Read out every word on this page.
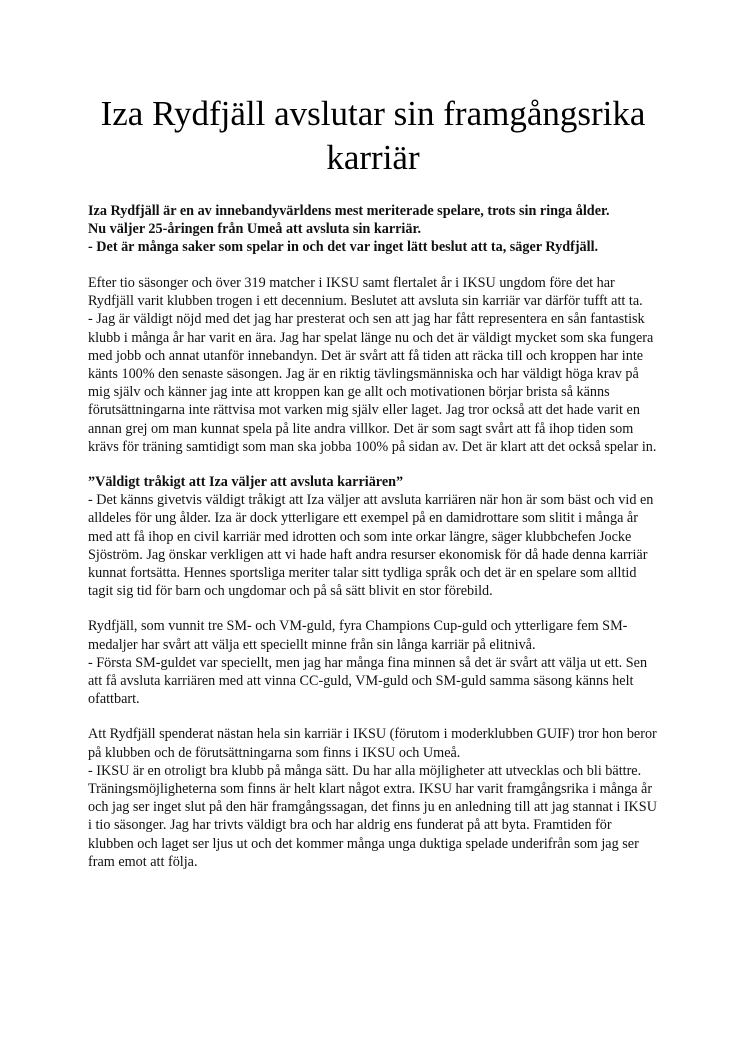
Iza Rydfjäll avslutar sin framgångsrika karriär

Iza Rydfjäll är en av innebandyvärldens mest meriterade spelare, trots sin ringa ålder.

Nu väljer 25-åringen från Umeå att avsluta sin karriär.

- Det är många saker som spelar in och det var inget lätt beslut att ta, säger Rydfjäll.

Efter tio säsonger och över 319 matcher i IKSU samt flertalet år i IKSU ungdom före det har Rydfjäll varit klubben trogen i ett decennium. Beslutet att avsluta sin karriär var därför tufft att ta.

- Jag är väldigt nöjd med det jag har presterat och sen att jag har fått representera en sån fantastisk klubb i många år har varit en ära. Jag har spelat länge nu och det är väldigt mycket som ska fungera med jobb och annat utanför innebandyn. Det är svårt att få tiden att räcka till och kroppen har inte känts 100% den senaste säsongen. Jag är en riktig tävlingsmänniska och har väldigt höga krav på mig själv och känner jag inte att kroppen kan ge allt och motivationen börjar brista så känns förutsättningarna inte rättvisa mot varken mig själv eller laget. Jag tror också att det hade varit en annan grej om man kunnat spela på lite andra villkor. Det är som sagt svårt att få ihop tiden som krävs för träning samtidigt som man ska jobba 100% på sidan av. Det är klart att det också spelar in.

”Väldigt tråkigt att Iza väljer att avsluta karriären”

- Det känns givetvis väldigt tråkigt att Iza väljer att avsluta karriären när hon är som bäst och vid en alldeles för ung ålder. Iza är dock ytterligare ett exempel på en damidrottare som slitit i många år med att få ihop en civil karriär med idrotten och som inte orkar längre, säger klubbchefen Jocke Sjöström. Jag önskar verkligen att vi hade haft andra resurser ekonomisk för då hade denna karriär kunnat fortsätta. Hennes sportsliga meriter talar sitt tydliga språk och det är en spelare som alltid tagit sig tid för barn och ungdomar och på så sätt blivit en stor förebild.

Rydfjäll, som vunnit tre SM- och VM-guld, fyra Champions Cup-guld och ytterligare fem SM-medaljer har svårt att välja ett speciellt minne från sin långa karriär på elitnivå.

- Första SM-guldet var speciellt, men jag har många fina minnen så det är svårt att välja ut ett. Sen att få avsluta karriären med att vinna CC-guld, VM-guld och SM-guld samma säsong känns helt ofattbart.

Att Rydfjäll spenderat nästan hela sin karriär i IKSU (förutom i moderklubben GUIF) tror hon beror på klubben och de förutsättningarna som finns i IKSU och Umeå.

- IKSU är en otroligt bra klubb på många sätt. Du har alla möjligheter att utvecklas och bli bättre. Träningsmöjligheterna som finns är helt klart något extra. IKSU har varit framgångsrika i många år och jag ser inget slut på den här framgångssagan, det finns ju en anledning till att jag stannat i IKSU i tio säsonger. Jag har trivts väldigt bra och har aldrig ens funderat på att byta. Framtiden för klubben och laget ser ljus ut och det kommer många unga duktiga spelade underifrån som jag ser fram emot att följa.
